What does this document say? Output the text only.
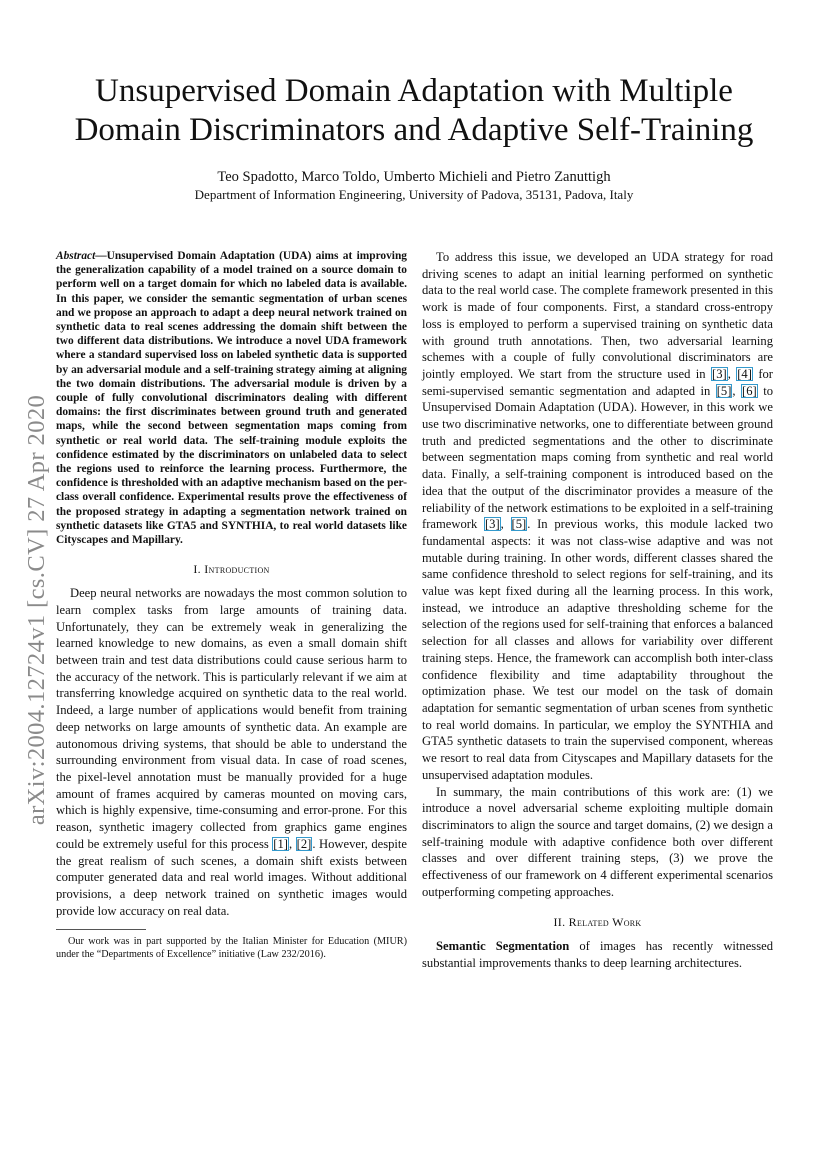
arXiv:2004.12724v1 [cs.CV] 27 Apr 2020
Unsupervised Domain Adaptation with Multiple Domain Discriminators and Adaptive Self-Training
Teo Spadotto, Marco Toldo, Umberto Michieli and Pietro Zanuttigh
Department of Information Engineering, University of Padova, 35131, Padova, Italy

Abstract—Unsupervised Domain Adaptation (UDA) aims at improving the generalization capability of a model trained on a source domain to perform well on a target domain for which no labeled data is available. In this paper, we consider the semantic segmentation of urban scenes and we propose an approach to adapt a deep neural network trained on synthetic data to real scenes addressing the domain shift between the two different data distributions. We introduce a novel UDA framework where a standard supervised loss on labeled synthetic data is supported by an adversarial module and a self-training strategy aiming at aligning the two domain distributions. The adversarial module is driven by a couple of fully convolutional discriminators dealing with different domains: the first discriminates between ground truth and generated maps, while the second between segmentation maps coming from synthetic or real world data. The self-training module exploits the confidence estimated by the discriminators on unlabeled data to select the regions used to reinforce the learning process. Furthermore, the confidence is thresholded with an adaptive mechanism based on the per-class overall confidence. Experimental results prove the effectiveness of the proposed strategy in adapting a segmentation network trained on synthetic datasets like GTA5 and SYNTHIA, to real world datasets like Cityscapes and Mapillary.

I. Introduction

Deep neural networks are nowadays the most common solution to learn complex tasks from large amounts of training data. Unfortunately, they can be extremely weak in generalizing the learned knowledge to new domains, as even a small domain shift between train and test data distributions could cause serious harm to the accuracy of the network. This is particularly relevant if we aim at transferring knowledge acquired on synthetic data to the real world. Indeed, a large number of applications would benefit from training deep networks on large amounts of synthetic data. An example are autonomous driving systems, that should be able to understand the surrounding environment from visual data. In case of road scenes, the pixel-level annotation must be manually provided for a huge amount of frames acquired by cameras mounted on moving cars, which is highly expensive, time-consuming and error-prone. For this reason, synthetic imagery collected from graphics game engines could be extremely useful for this process [1], [2]. However, despite the great realism of such scenes, a domain shift exists between computer generated data and real world images. Without additional provisions, a deep network trained on synthetic images would provide low accuracy on real data.

Our work was in part supported by the Italian Minister for Education (MIUR) under the “Departments of Excellence” initiative (Law 232/2016).

To address this issue, we developed an UDA strategy for road driving scenes to adapt an initial learning performed on synthetic data to the real world case. The complete framework presented in this work is made of four components. First, a standard cross-entropy loss is employed to perform a supervised training on synthetic data with ground truth annotations. Then, two adversarial learning schemes with a couple of fully convolutional discriminators are jointly employed. We start from the structure used in [3], [4] for semi-supervised semantic segmentation and adapted in [5], [6] to Unsupervised Domain Adaptation (UDA). However, in this work we use two discriminative networks, one to differentiate between ground truth and predicted segmentations and the other to discriminate between segmentation maps coming from synthetic and real world data. Finally, a self-training component is introduced based on the idea that the output of the discriminator provides a measure of the reliability of the network estimations to be exploited in a self-training framework [3], [5]. In previous works, this module lacked two fundamental aspects: it was not class-wise adaptive and was not mutable during training. In other words, different classes shared the same confidence threshold to select regions for self-training, and its value was kept fixed during all the learning process. In this work, instead, we introduce an adaptive thresholding scheme for the selection of the regions used for self-training that enforces a balanced selection for all classes and allows for variability over different training steps. Hence, the framework can accomplish both inter-class confidence flexibility and time adaptability throughout the optimization phase. We test our model on the task of domain adaptation for semantic segmentation of urban scenes from synthetic to real world domains. In particular, we employ the SYNTHIA and GTA5 synthetic datasets to train the supervised component, whereas we resort to real data from Cityscapes and Mapillary datasets for the unsupervised adaptation modules.

In summary, the main contributions of this work are: (1) we introduce a novel adversarial scheme exploiting multiple domain discriminators to align the source and target domains, (2) we design a self-training module with adaptive confidence both over different classes and over different training steps, (3) we prove the effectiveness of our framework on 4 different experimental scenarios outperforming competing approaches.

II. Related Work

Semantic Segmentation of images has recently witnessed substantial improvements thanks to deep learning architectures.
